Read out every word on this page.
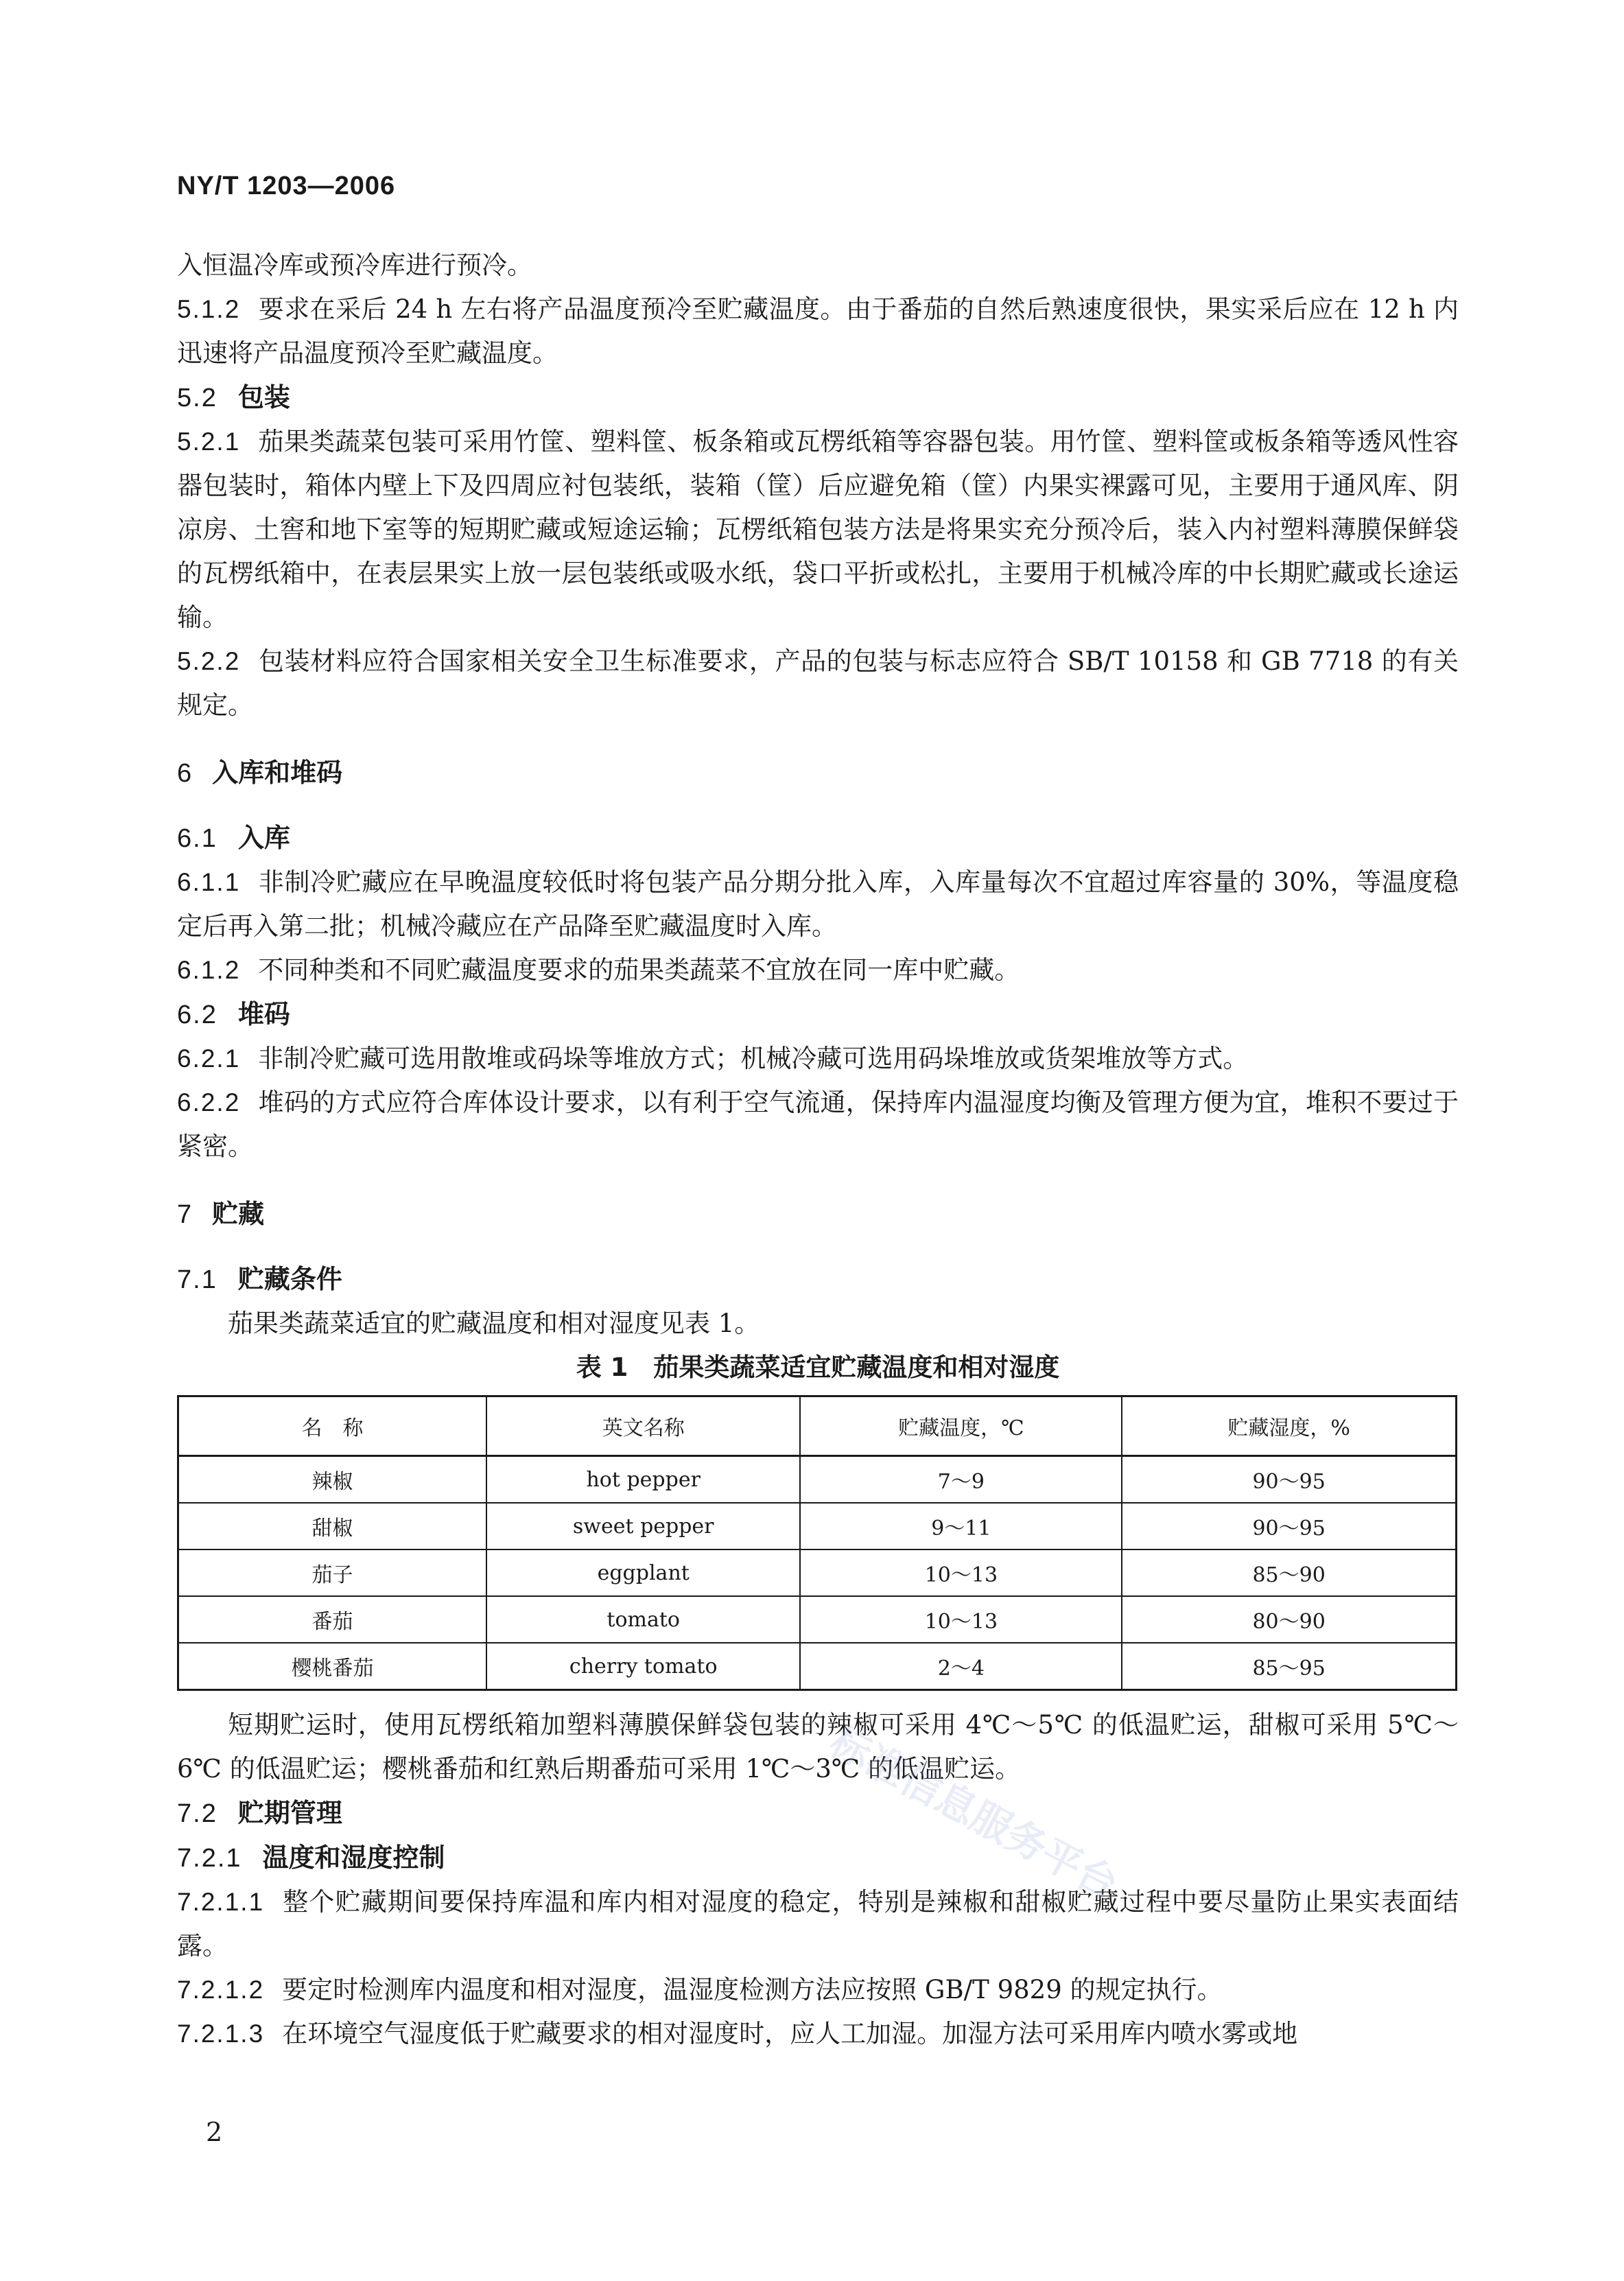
NY/T 1203—2006

入恒温冷库或预冷库进行预冷。

5.1.2 要求在采后 24 h 左右将产品温度预冷至贮藏温度。由于番茄的自然后熟速度很快，果实采后应在 12 h 内迅速将产品温度预冷至贮藏温度。

5.2 包装

5.2.1 茄果类蔬菜包装可采用竹筐、塑料筐、板条箱或瓦楞纸箱等容器包装。用竹筐、塑料筐或板条箱等透风性容器包装时，箱体内壁上下及四周应衬包装纸，装箱（筐）后应避免箱（筐）内果实裸露可见，主要用于通风库、阴凉房、土窖和地下室等的短期贮藏或短途运输；瓦楞纸箱包装方法是将果实充分预冷后，装入内衬塑料薄膜保鲜袋的瓦楞纸箱中，在表层果实上放一层包装纸或吸水纸，袋口平折或松扎，主要用于机械冷库的中长期贮藏或长途运输。

5.2.2 包装材料应符合国家相关安全卫生标准要求，产品的包装与标志应符合 SB/T 10158 和 GB 7718 的有关规定。

6 入库和堆码

6.1 入库

6.1.1 非制冷贮藏应在早晚温度较低时将包装产品分期分批入库，入库量每次不宜超过库容量的 30%，等温度稳定后再入第二批；机械冷藏应在产品降至贮藏温度时入库。

6.1.2 不同种类和不同贮藏温度要求的茄果类蔬菜不宜放在同一库中贮藏。

6.2 堆码

6.2.1 非制冷贮藏可选用散堆或码垛等堆放方式；机械冷藏可选用码垛堆放或货架堆放等方式。

6.2.2 堆码的方式应符合库体设计要求，以有利于空气流通，保持库内温湿度均衡及管理方便为宜，堆积不要过于紧密。

7 贮藏

7.1 贮藏条件

茄果类蔬菜适宜的贮藏温度和相对湿度见表 1。

表 1　茄果类蔬菜适宜贮藏温度和相对湿度

名　称	英文名称	贮藏温度，℃	贮藏湿度，%
辣椒	hot pepper	7～9	90～95
甜椒	sweet pepper	9～11	90～95
茄子	eggplant	10～13	85～90
番茄	tomato	10～13	80～90
樱桃番茄	cherry tomato	2～4	85～95

短期贮运时，使用瓦楞纸箱加塑料薄膜保鲜袋包装的辣椒可采用 4℃～5℃ 的低温贮运，甜椒可采用 5℃～6℃ 的低温贮运；樱桃番茄和红熟后期番茄可采用 1℃～3℃ 的低温贮运。

7.2 贮期管理

7.2.1 温度和湿度控制

7.2.1.1 整个贮藏期间要保持库温和库内相对湿度的稳定，特别是辣椒和甜椒贮藏过程中要尽量防止果实表面结露。

7.2.1.2 要定时检测库内温度和相对湿度，温湿度检测方法应按照 GB/T 9829 的规定执行。

7.2.1.3 在环境空气湿度低于贮藏要求的相对湿度时，应人工加湿。加湿方法可采用库内喷水雾或地

标准信息服务平台
2
